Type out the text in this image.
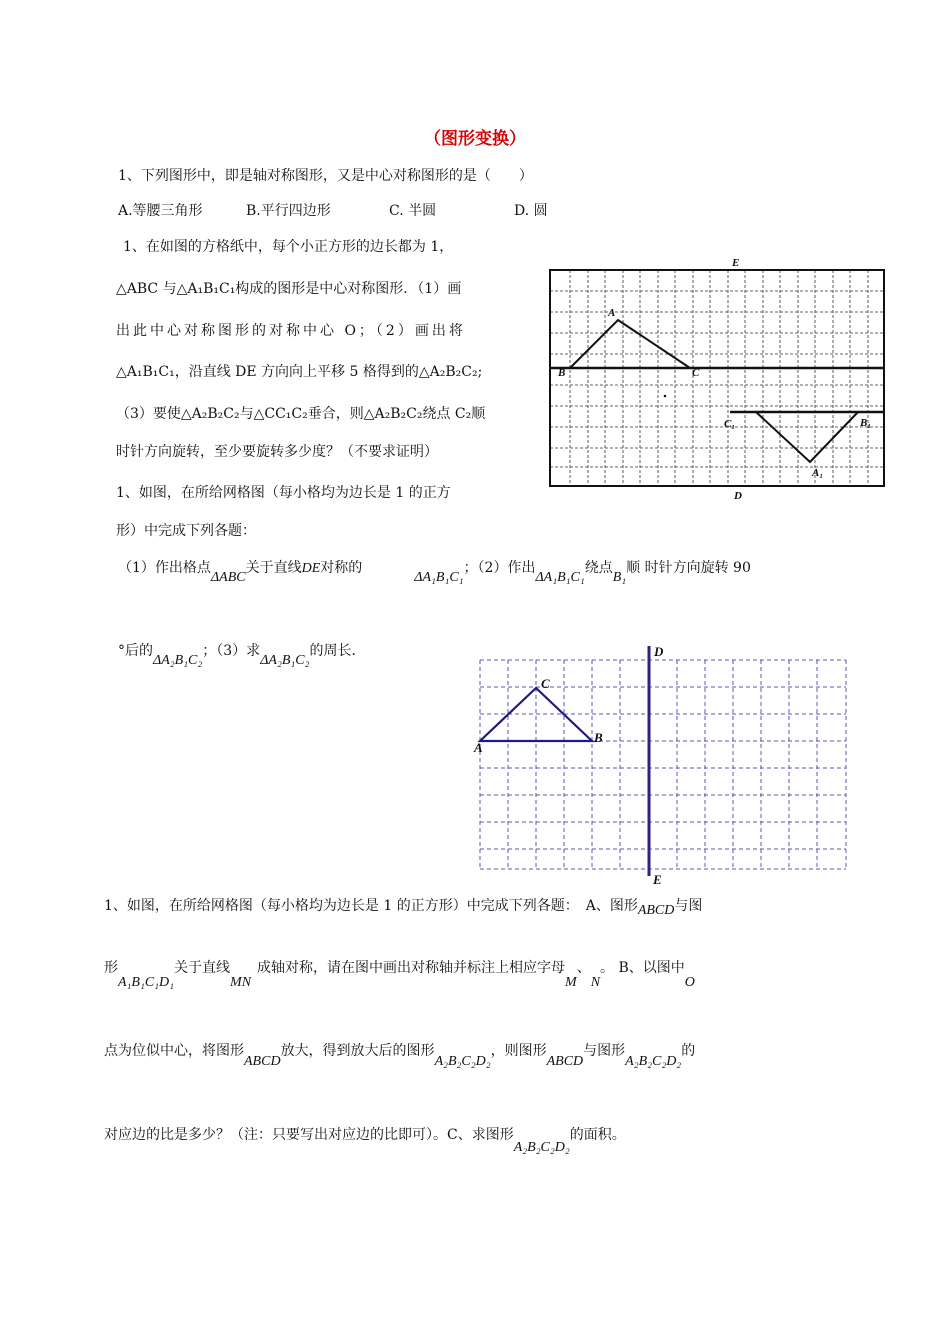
（图形变换）
1、下列图形中，即是轴对称图形，又是中心对称图形的是（　　）
A.等腰三角形	B.平行四边形	C. 半圆	D. 圆
1、在如图的方格纸中，每个小正方形的边长都为 1，
△ABC 与△A₁B₁C₁构成的图形是中心对称图形．（1）画
出此中心对称图形的对称中心 O；（2）画出将
△A₁B₁C₁，沿直线 DE 方向向上平移 5 格得到的△A₂B₂C₂;
（3）要使△A₂B₂C₂与△CC₁C₂垂合，则△A₂B₂C₂绕点 C₂顺
时针方向旋转，至少要旋转多少度？（不要求证明）
E
A
B	C
C₁	B₁
A₁
D
1、如图，在所给网格图（每小格均为边长是 1 的正方
形）中完成下列各题：
（1）作出格点ΔABC关于直线DE对称的ΔA₁B₁C₁；（2）作出ΔA₁B₁C₁绕点B₁顺 时针方向旋转 90
°后的ΔA₂B₁C₂；（3）求ΔA₂B₁C₂的周长．	D
C
A
B
E
1、如图，在所给网格图（每小格均为边长是 1 的正方形）中完成下列各题：　A、图形ABCD与图
形A₁B₁C₁D₁关于直线MN成轴对称，请在图中画出对称轴并标注上相应字母M、N。 B、以图中O
点为位似中心，将图形ABCD放大，得到放大后的图形A₂B₂C₂D₂，则图形ABCD与图形A₂B₂C₂D₂的
对应边的比是多少？（注：只要写出对应边的比即可）。C、求图形A₂B₂C₂D₂的面积。
